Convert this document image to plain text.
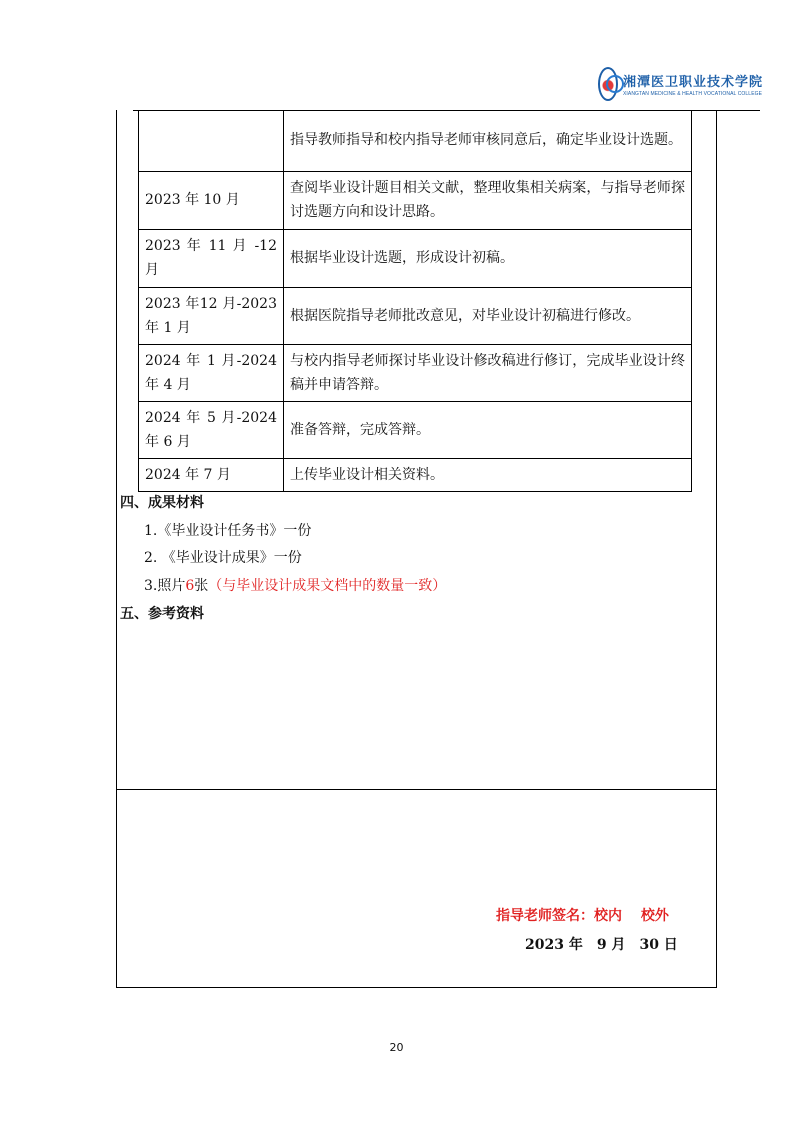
湘潭医卫职业技术学院
XIANGTAN MEDICINE & HEALTH VOCATIONAL COLLEGE
	指导教师指导和校内指导老师审核同意后，确定毕业设计选题。
2023 年 10 月	查阅毕业设计题目相关文献，整理收集相关病案，与指导老师探讨选题方向和设计思路。
2023 年 11 月 -12 月	根据毕业设计选题，形成设计初稿。
2023 年12 月-2023 年 1 月	根据医院指导老师批改意见，对毕业设计初稿进行修改。
2024 年 1 月-2024 年 4 月	与校内指导老师探讨毕业设计修改稿进行修订，完成毕业设计终稿并申请答辩。
2024 年 5 月-2024 年 6 月	准备答辩，完成答辩。
2024 年 7 月	上传毕业设计相关资料。
四、成果材料
1.《毕业设计任务书》一份
2. 《毕业设计成果》一份
3.照片6张（与毕业设计成果文档中的数量一致）
五、参考资料
指导老师签名：校内　 校外
2023 年　9 月　30 日
20
